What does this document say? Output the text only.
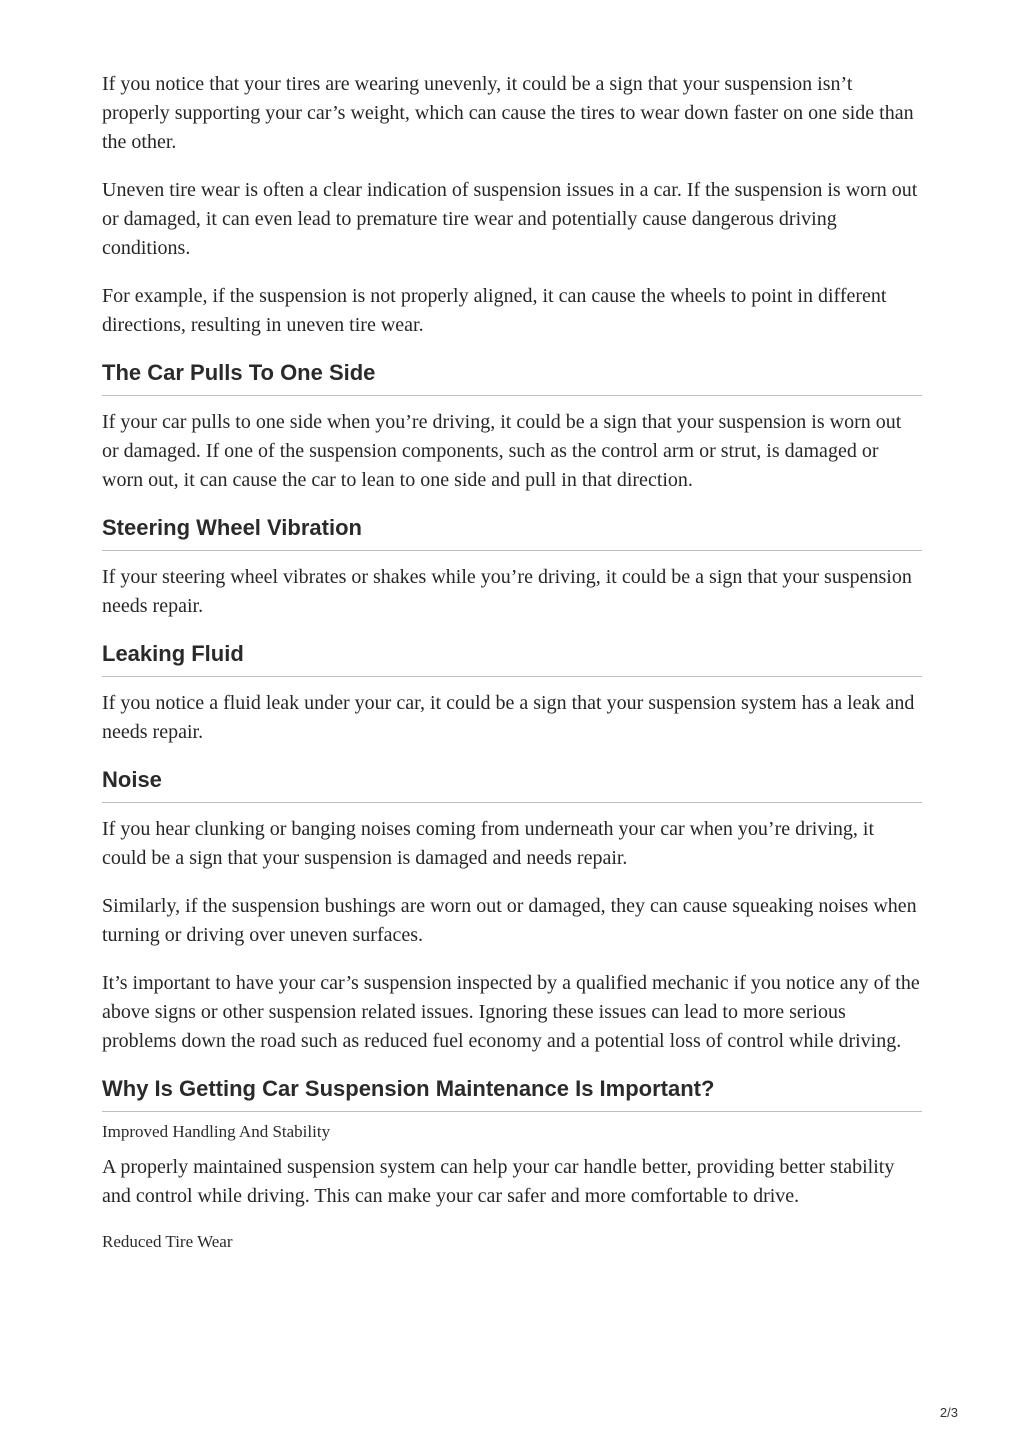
If you notice that your tires are wearing unevenly, it could be a sign that your suspension isn’t properly supporting your car’s weight, which can cause the tires to wear down faster on one side than the other.

Uneven tire wear is often a clear indication of suspension issues in a car. If the suspension is worn out or damaged, it can even lead to premature tire wear and potentially cause dangerous driving conditions.

For example, if the suspension is not properly aligned, it can cause the wheels to point in different directions, resulting in uneven tire wear.

The Car Pulls To One Side

If your car pulls to one side when you’re driving, it could be a sign that your suspension is worn out or damaged. If one of the suspension components, such as the control arm or strut, is damaged or worn out, it can cause the car to lean to one side and pull in that direction.

Steering Wheel Vibration

If your steering wheel vibrates or shakes while you’re driving, it could be a sign that your suspension needs repair.

Leaking Fluid

If you notice a fluid leak under your car, it could be a sign that your suspension system has a leak and needs repair.

Noise

If you hear clunking or banging noises coming from underneath your car when you’re driving, it could be a sign that your suspension is damaged and needs repair.

Similarly, if the suspension bushings are worn out or damaged, they can cause squeaking noises when turning or driving over uneven surfaces.

It’s important to have your car’s suspension inspected by a qualified mechanic if you notice any of the above signs or other suspension related issues. Ignoring these issues can lead to more serious problems down the road such as reduced fuel economy and a potential loss of control while driving.

Why Is Getting Car Suspension Maintenance Is Important?
Improved Handling And Stability

A properly maintained suspension system can help your car handle better, providing better stability and control while driving. This can make your car safer and more comfortable to drive.

Reduced Tire Wear
2/3
